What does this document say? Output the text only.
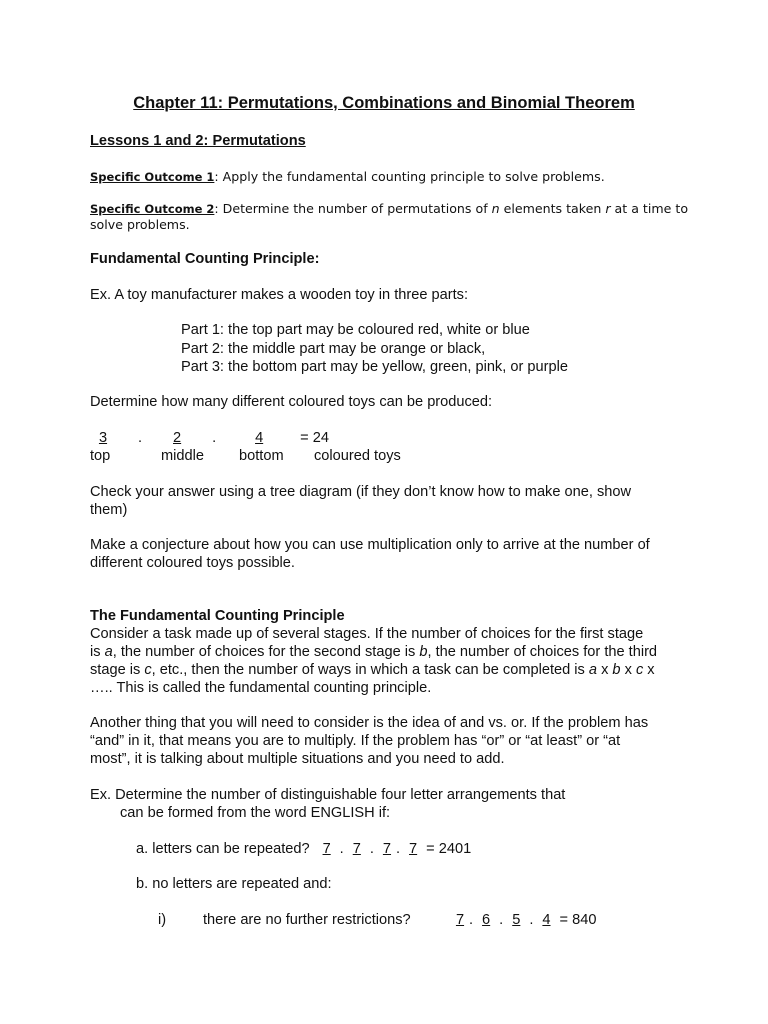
Chapter 11: Permutations, Combinations and Binomial Theorem
Lessons 1 and 2: Permutations
Specific Outcome 1: Apply the fundamental counting principle to solve problems.
Specific Outcome 2: Determine the number of permutations of n elements taken r at a time to
solve problems.
Fundamental Counting Principle:
Ex. A toy manufacturer makes a wooden toy in three parts:
Part 1: the top part may be coloured red, white or blue
Part 2: the middle part may be orange or black,
Part 3: the bottom part may be yellow, green, pink, or purple
Determine how many different coloured toys can be produced:
3 . 2 .	4	= 24
top	middle bottom coloured toys
Check your answer using a tree diagram (if they don’t know how to make one, show
them)
Make a conjecture about how you can use multiplication only to arrive at the number of
different coloured toys possible.
The Fundamental Counting Principle
Consider a task made up of several stages. If the number of choices for the first stage
is a, the number of choices for the second stage is b, the number of choices for the third
stage is c, etc., then the number of ways in which a task can be completed is a x b x c x
….. This is called the fundamental counting principle.
Another thing that you will need to consider is the idea of and vs. or. If the problem has
“and” in it, that means you are to multiply. If the problem has “or” or “at least” or “at
most”, it is talking about multiple situations and you need to add.
Ex. Determine the number of distinguishable four letter arrangements that
can be formed from the word ENGLISH if:
a. letters can be repeated? 7 . 7 . 7 . 7 = 2401
b. no letters are repeated and:
i)	there are no further restrictions?	7 . 6 . 5 . 4 = 840
